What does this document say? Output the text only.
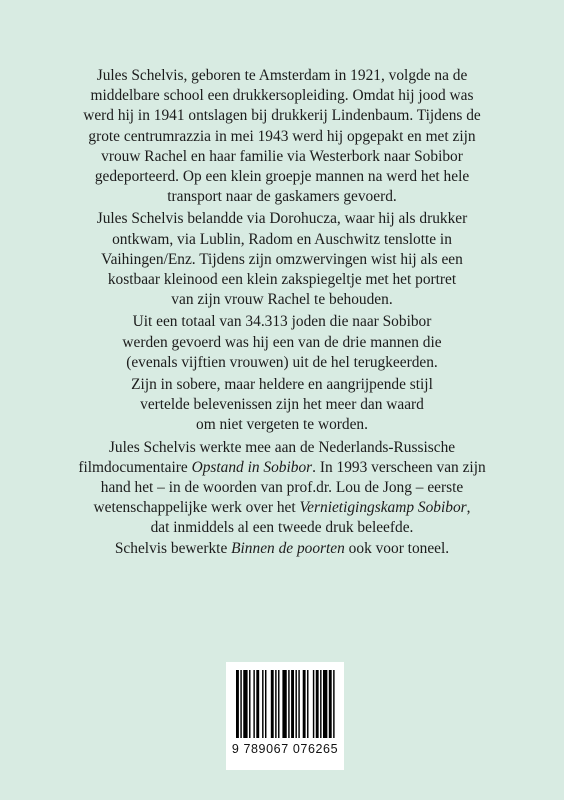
Jules Schelvis, geboren te Amsterdam in 1921, volgde na de
middelbare school een drukkersopleiding. Omdat hij jood was
werd hij in 1941 ontslagen bij drukkerij Lindenbaum. Tijdens de
grote centrumrazzia in mei 1943 werd hij opgepakt en met zijn
vrouw Rachel en haar familie via Westerbork naar Sobibor
gedeporteerd. Op een klein groepje mannen na werd het hele
transport naar de gaskamers gevoerd.

Jules Schelvis belandde via Dorohucza, waar hij als drukker
ontkwam, via Lublin, Radom en Auschwitz tenslotte in
Vaihingen/Enz. Tijdens zijn omzwervingen wist hij als een
kostbaar kleinood een klein zakspiegeltje met het portret
van zijn vrouw Rachel te behouden.

Uit een totaal van 34.313 joden die naar Sobibor
werden gevoerd was hij een van de drie mannen die
(evenals vijftien vrouwen) uit de hel terugkeerden.

Zijn in sobere, maar heldere en aangrijpende stijl
vertelde belevenissen zijn het meer dan waard
om niet vergeten te worden.

Jules Schelvis werkte mee aan de Nederlands-Russische
filmdocumentaire Opstand in Sobibor. In 1993 verscheen van zijn
hand het – in de woorden van prof.dr. Lou de Jong – eerste
wetenschappelijke werk over het Vernietigingskamp Sobibor,
dat inmiddels al een tweede druk beleefde.
Schelvis bewerkte Binnen de poorten ook voor toneel.

9 789067 076265
